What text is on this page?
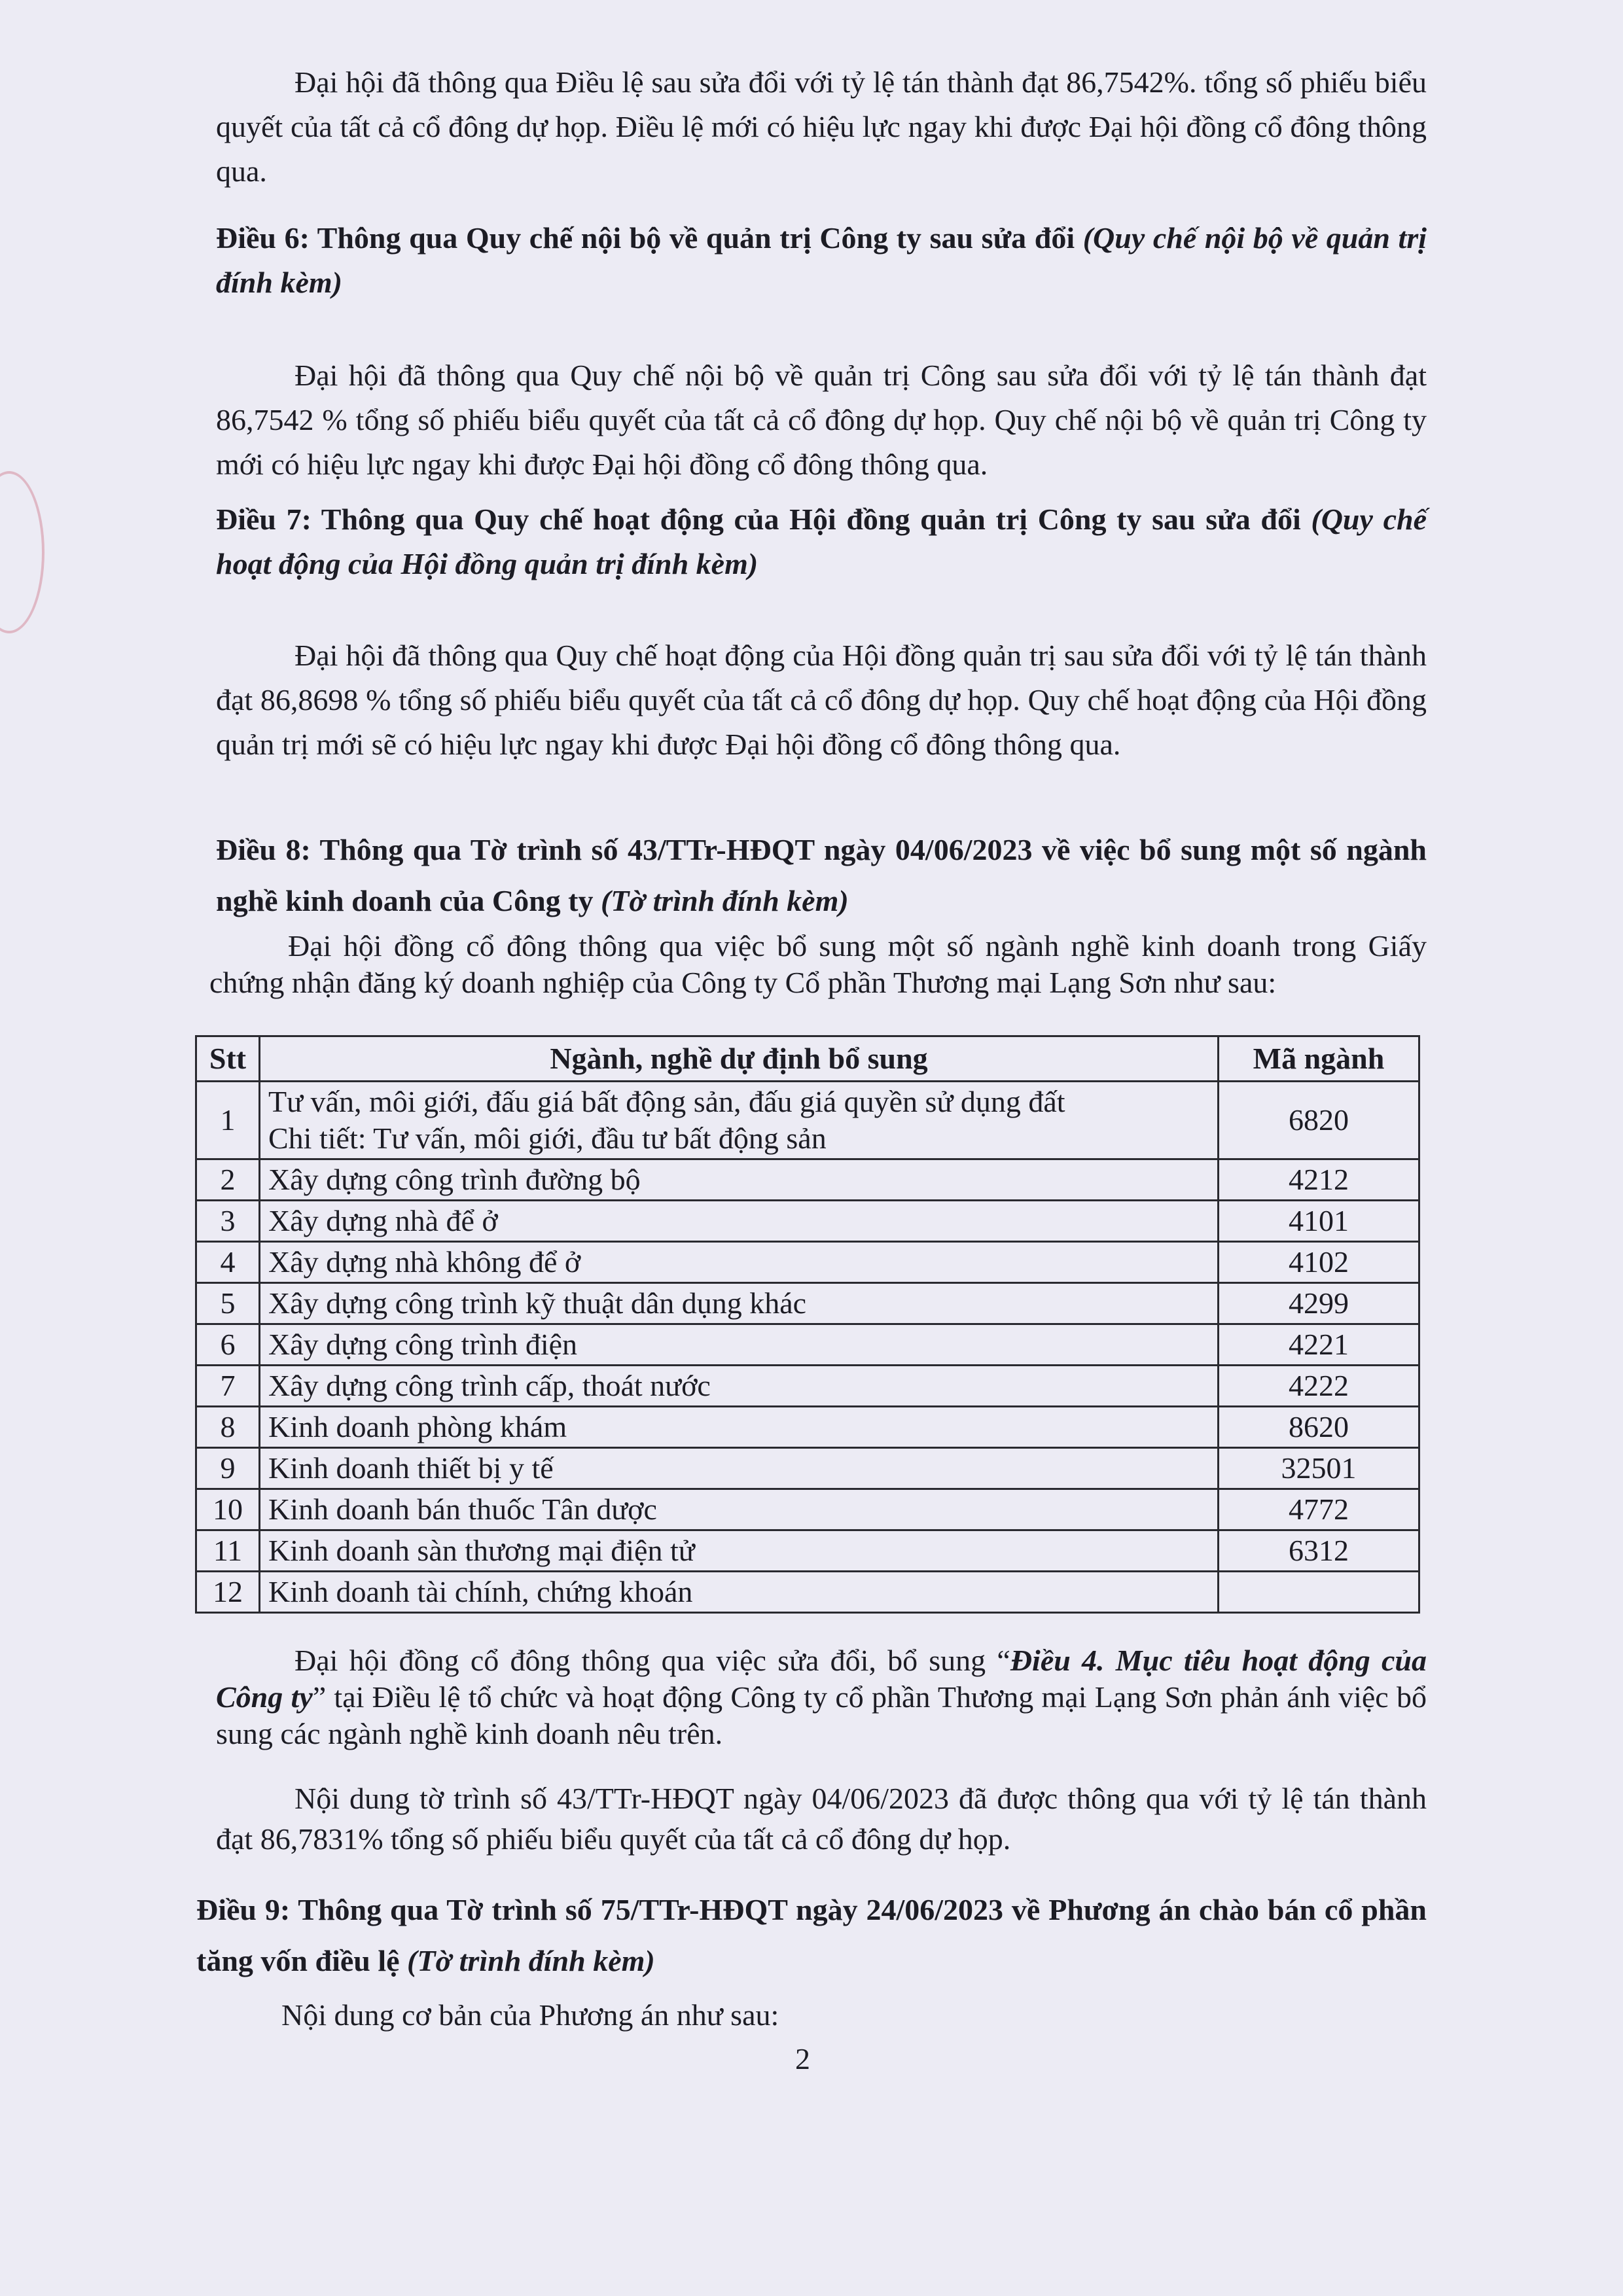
Đại hội đã thông qua Điều lệ sau sửa đổi với tỷ lệ tán thành đạt 86,7542%. tổng số phiếu biểu quyết của tất cả cổ đông dự họp. Điều lệ mới có hiệu lực ngay khi được Đại hội đồng cổ đông thông qua.

Điều 6: Thông qua Quy chế nội bộ về quản trị Công ty sau sửa đổi (Quy chế nội bộ về quản trị đính kèm)

Đại hội đã thông qua Quy chế nội bộ về quản trị Công sau sửa đổi với tỷ lệ tán thành đạt 86,7542 % tổng số phiếu biểu quyết của tất cả cổ đông dự họp. Quy chế nội bộ về quản trị Công ty mới có hiệu lực ngay khi được Đại hội đồng cổ đông thông qua.

Điều 7: Thông qua Quy chế hoạt động của Hội đồng quản trị Công ty sau sửa đổi (Quy chế hoạt động của Hội đồng quản trị đính kèm)

Đại hội đã thông qua Quy chế hoạt động của Hội đồng quản trị sau sửa đổi với tỷ lệ tán thành đạt 86,8698 % tổng số phiếu biểu quyết của tất cả cổ đông dự họp. Quy chế hoạt động của Hội đồng quản trị mới sẽ có hiệu lực ngay khi được Đại hội đồng cổ đông thông qua.

Điều 8: Thông qua Tờ trình số 43/TTr-HĐQT ngày 04/06/2023 về việc bổ sung một số ngành nghề kinh doanh của Công ty (Tờ trình đính kèm)

Đại hội đồng cổ đông thông qua việc bổ sung một số ngành nghề kinh doanh trong Giấy chứng nhận đăng ký doanh nghiệp của Công ty Cổ phần Thương mại Lạng Sơn như sau:

Stt	Ngành, nghề dự định bổ sung	Mã ngành
1	Tư vấn, môi giới, đấu giá bất động sản, đấu giá quyền sử dụng đất
Chi tiết: Tư vấn, môi giới, đầu tư bất động sản	6820
2	Xây dựng công trình đường bộ	4212
3	Xây dựng nhà để ở	4101
4	Xây dựng nhà không để ở	4102
5	Xây dựng công trình kỹ thuật dân dụng khác	4299
6	Xây dựng công trình điện	4221
7	Xây dựng công trình cấp, thoát nước	4222
8	Kinh doanh phòng khám	8620
9	Kinh doanh thiết bị y tế	32501
10	Kinh doanh bán thuốc Tân dược	4772
11	Kinh doanh sàn thương mại điện tử	6312
12	Kinh doanh tài chính, chứng khoán	

Đại hội đồng cổ đông thông qua việc sửa đổi, bổ sung “Điều 4. Mục tiêu hoạt động của Công ty” tại Điều lệ tổ chức và hoạt động Công ty cổ phần Thương mại Lạng Sơn phản ánh việc bổ sung các ngành nghề kinh doanh nêu trên.

Nội dung tờ trình số 43/TTr-HĐQT ngày 04/06/2023 đã được thông qua với tỷ lệ tán thành đạt 86,7831% tổng số phiếu biểu quyết của tất cả cổ đông dự họp.

Điều 9: Thông qua Tờ trình số 75/TTr-HĐQT ngày 24/06/2023 về Phương án chào bán cổ phần tăng vốn điều lệ (Tờ trình đính kèm)

Nội dung cơ bản của Phương án như sau:

2
